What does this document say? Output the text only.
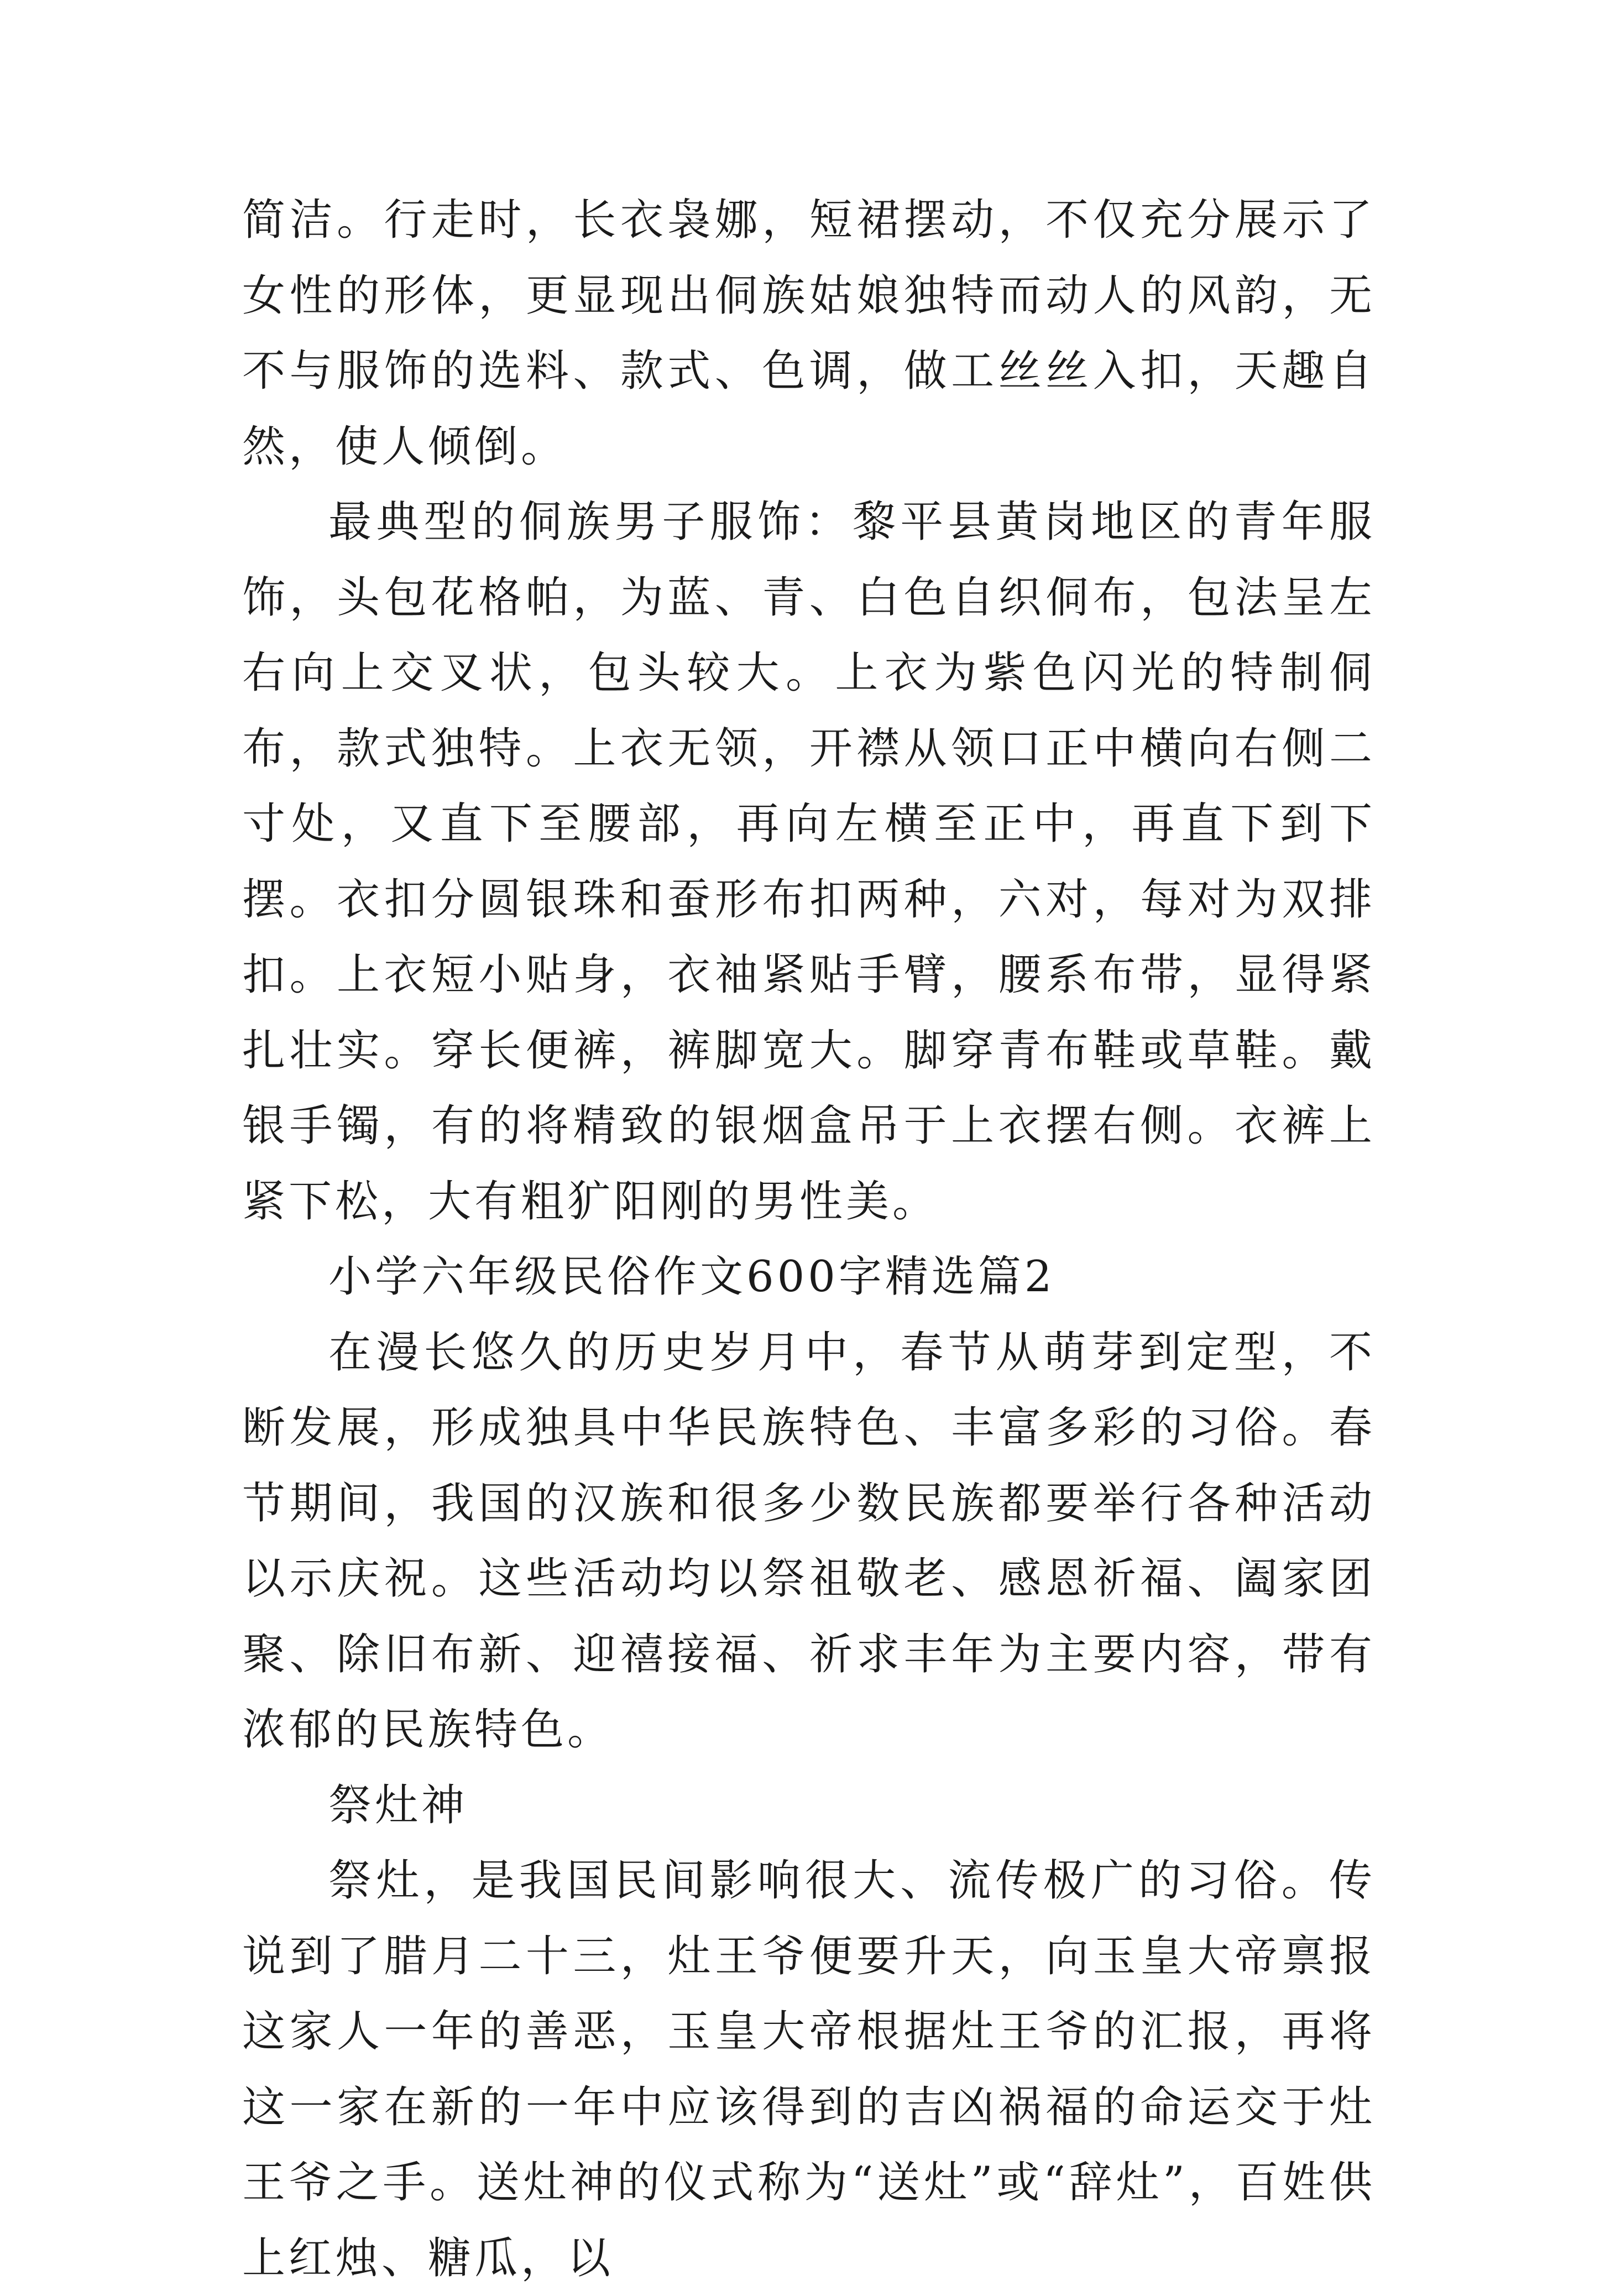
简洁。行走时，长衣袅娜，短裙摆动，不仅充分展示了女性的形体，更显现出侗族姑娘独特而动人的风韵，无不与服饰的选料、款式、色调，做工丝丝入扣，天趣自然，使人倾倒。

最典型的侗族男子服饰：黎平县黄岗地区的青年服饰，头包花格帕，为蓝、青、白色自织侗布，包法呈左右向上交叉状，包头较大。上衣为紫色闪光的特制侗布，款式独特。上衣无领，开襟从领口正中横向右侧二寸处，又直下至腰部，再向左横至正中，再直下到下摆。衣扣分圆银珠和蚕形布扣两种，六对，每对为双排扣。上衣短小贴身，衣袖紧贴手臂，腰系布带，显得紧扎壮实。穿长便裤，裤脚宽大。脚穿青布鞋或草鞋。戴银手镯，有的将精致的银烟盒吊于上衣摆右侧。衣裤上紧下松，大有粗犷阳刚的男性美。

小学六年级民俗作文600字精选篇2

在漫长悠久的历史岁月中，春节从萌芽到定型，不断发展，形成独具中华民族特色、丰富多彩的习俗。春节期间，我国的汉族和很多少数民族都要举行各种活动以示庆祝。这些活动均以祭祖敬老、感恩祈福、阖家团聚、除旧布新、迎禧接福、祈求丰年为主要内容，带有浓郁的民族特色。

祭灶神

祭灶，是我国民间影响很大、流传极广的习俗。传说到了腊月二十三，灶王爷便要升天，向玉皇大帝禀报这家人一年的善恶，玉皇大帝根据灶王爷的汇报，再将这一家在新的一年中应该得到的吉凶祸福的命运交于灶王爷之手。送灶神的仪式称为“送灶”或“辞灶”，百姓供上红烛、糖瓜，以
